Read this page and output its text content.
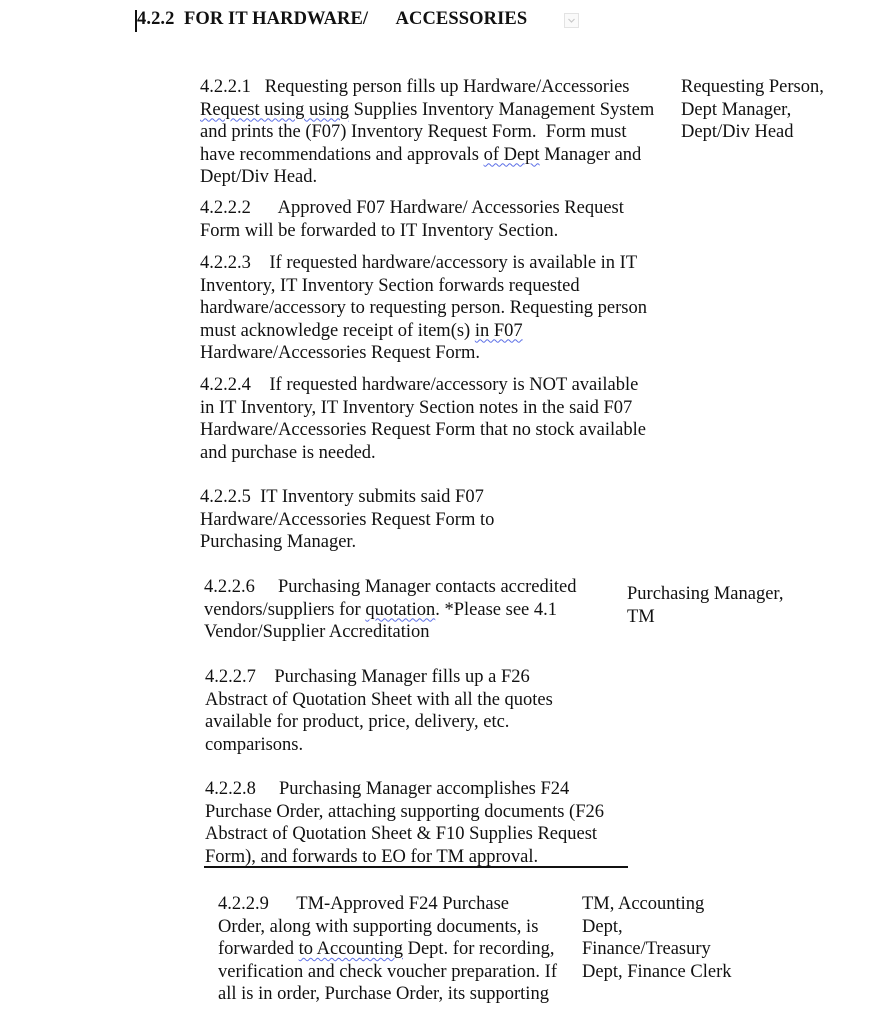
4.2.2 FOR IT HARDWARE/ ACCESSORIES
4.2.2.1   Requesting person fills up Hardware/Accessories
Request using using Supplies Inventory Management System
and prints the (F07) Inventory Request Form.  Form must
have recommendations and approvals of Dept Manager and
Dept/Div Head.
Requesting Person,
Dept Manager,
Dept/Div Head
4.2.2.2      Approved F07 Hardware/ Accessories Request
Form will be forwarded to IT Inventory Section.
4.2.2.3    If requested hardware/accessory is available in IT
Inventory, IT Inventory Section forwards requested
hardware/accessory to requesting person. Requesting person
must acknowledge receipt of item(s) in F07
Hardware/Accessories Request Form.
4.2.2.4    If requested hardware/accessory is NOT available
in IT Inventory, IT Inventory Section notes in the said F07
Hardware/Accessories Request Form that no stock available
and purchase is needed.
4.2.2.5  IT Inventory submits said F07
Hardware/Accessories Request Form to
Purchasing Manager.
4.2.2.6     Purchasing Manager contacts accredited
vendors/suppliers for quotation. *Please see 4.1
Vendor/Supplier Accreditation
Purchasing Manager,
TM
4.2.2.7    Purchasing Manager fills up a F26
Abstract of Quotation Sheet with all the quotes
available for product, price, delivery, etc.
comparisons.
4.2.2.8     Purchasing Manager accomplishes F24
Purchase Order, attaching supporting documents (F26
Abstract of Quotation Sheet & F10 Supplies Request
Form), and forwards to EO for TM approval.
4.2.2.9      TM-Approved F24 Purchase
Order, along with supporting documents, is
forwarded to Accounting Dept. for recording,
verification and check voucher preparation. If
all is in order, Purchase Order, its supporting
TM, Accounting
Dept,
Finance/Treasury
Dept, Finance Clerk
